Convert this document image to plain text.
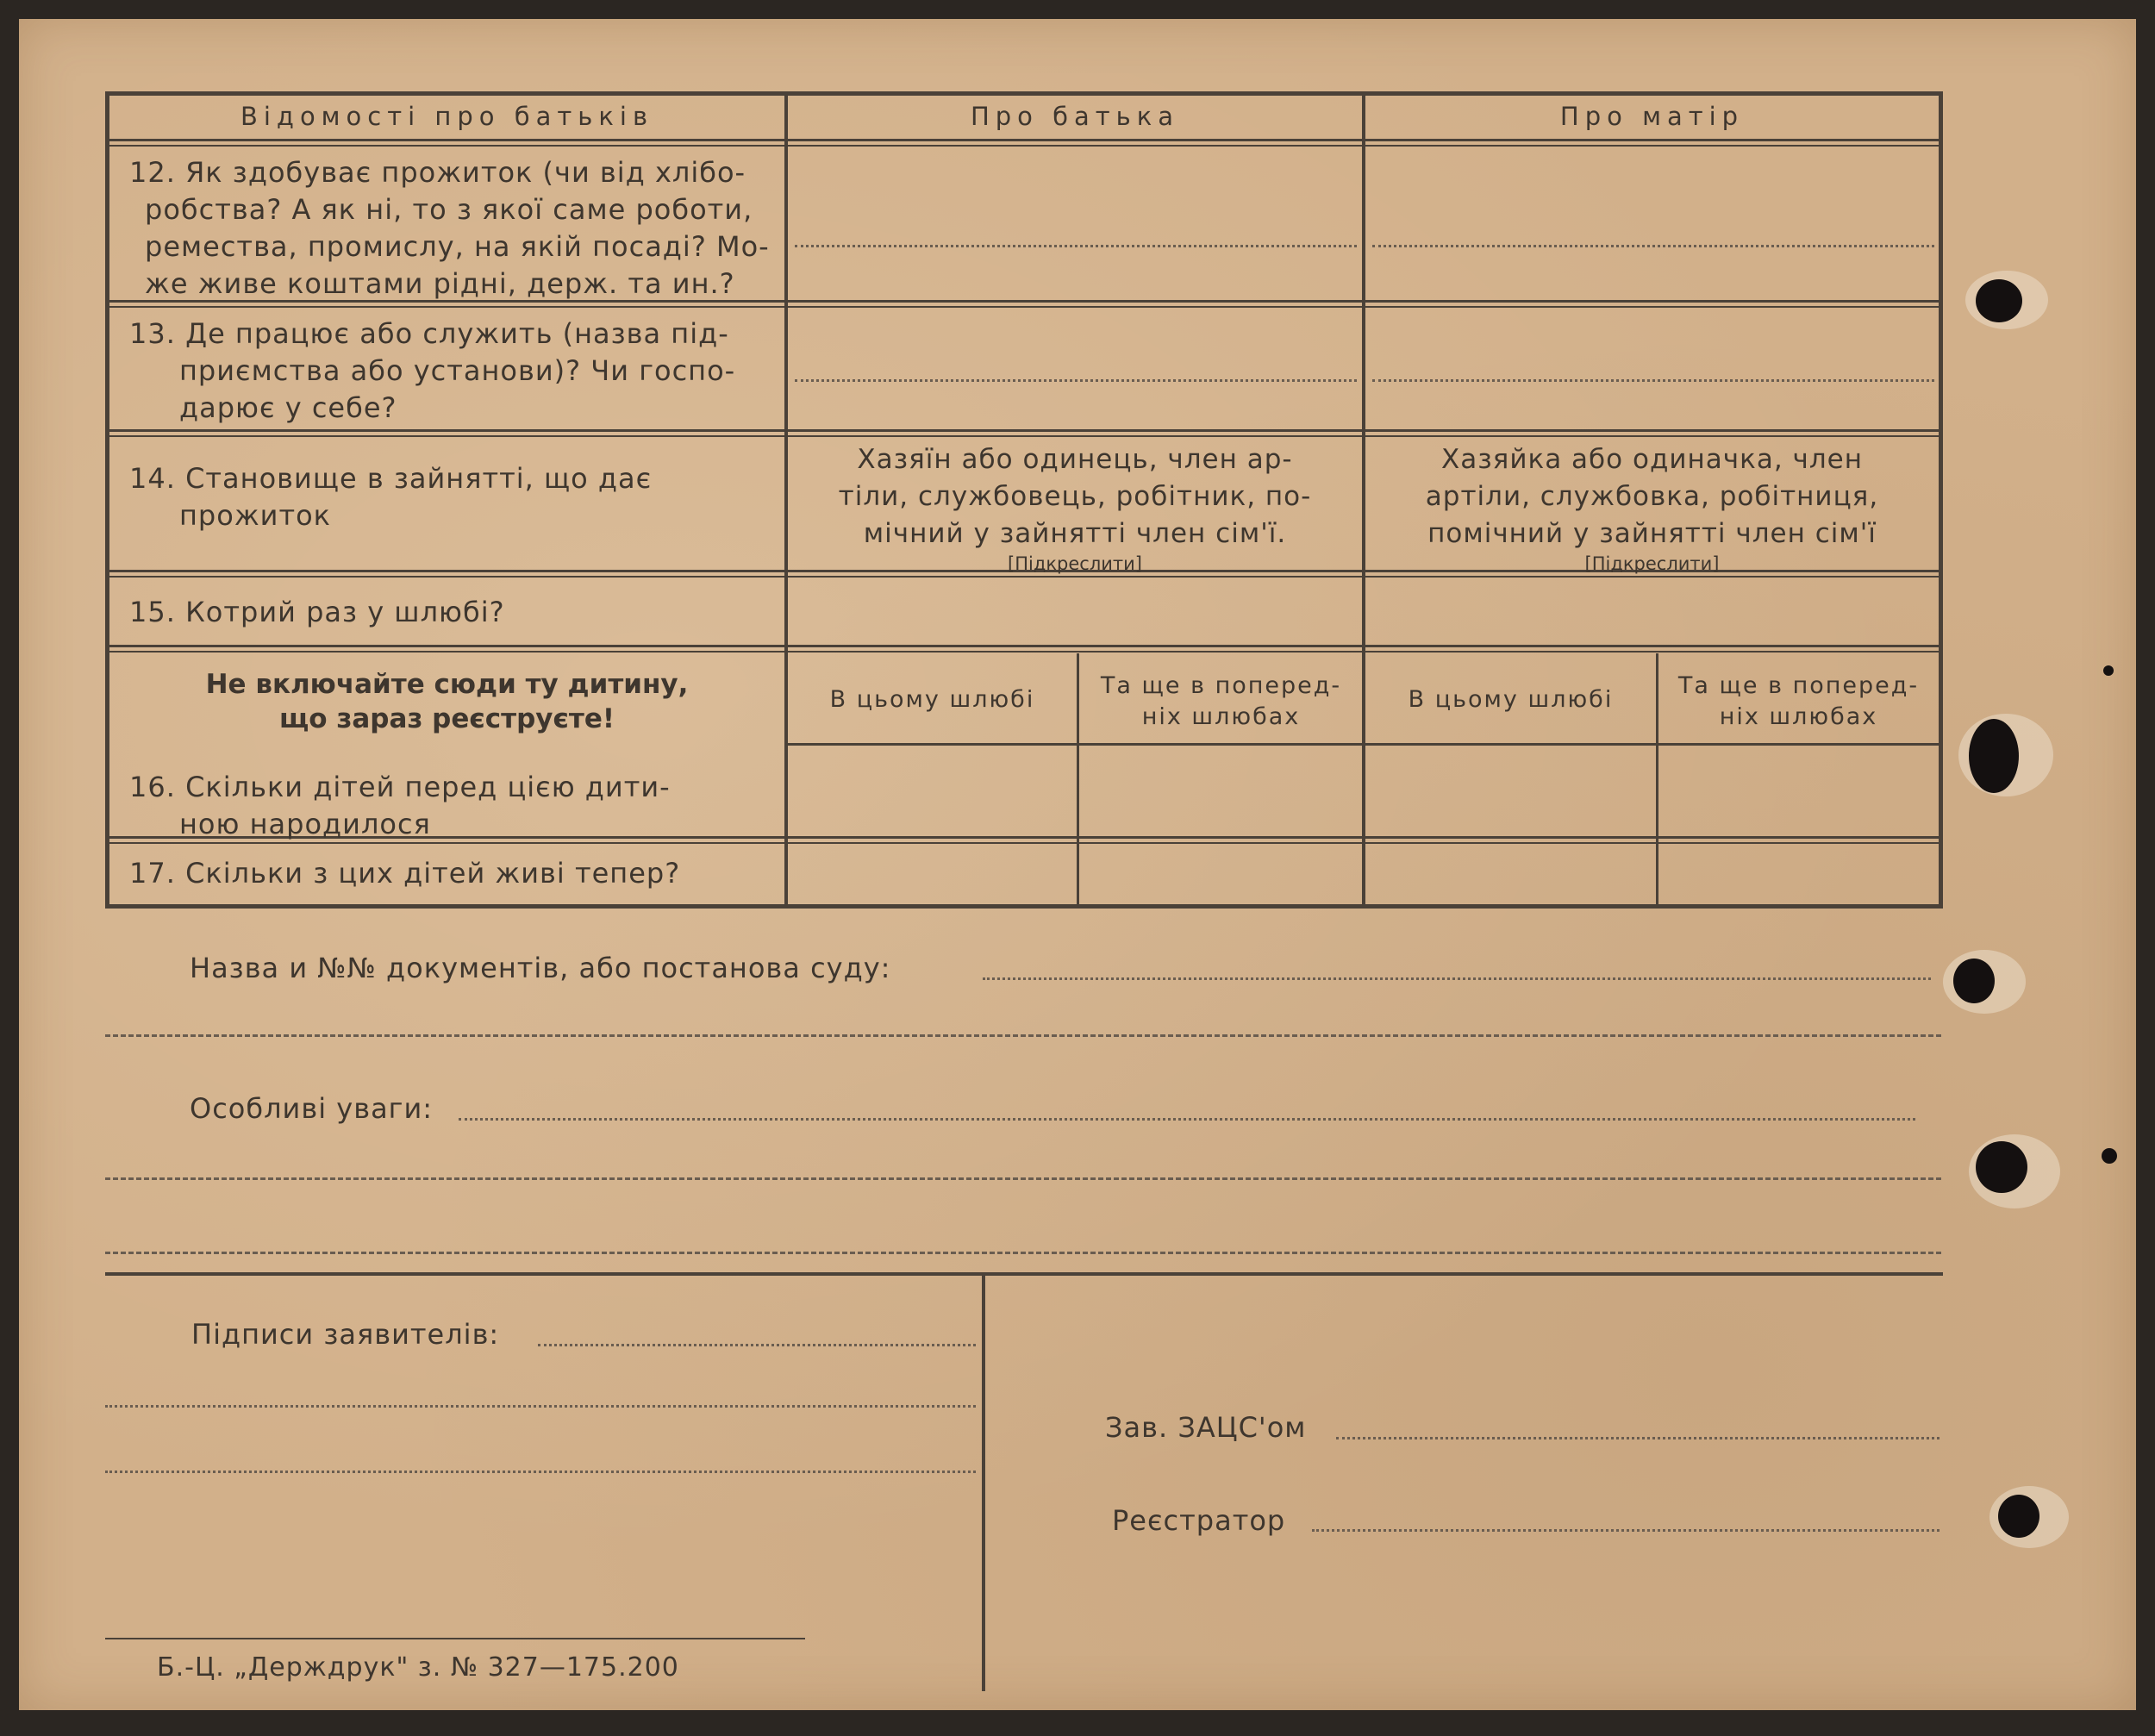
Відомості про батьків	Про батька	Про матір
12. Як здобуває прожиток (чи від хлібо-
робства? А як ні, то з якої саме роботи,
ремества, промислу, на якій посаді? Мо-
же живе коштами рідні, держ. та ин.?
13. Де працює або служить (назва під-
приємства або установи)? Чи госпо-
дарює у себе?
14. Становище в зайнятті, що дає
прожиток
Хазяїн або одинець, член ар-
тіли, службовець, робітник, по-
мічний у зайнятті член сім'ї.
[Підкреслити]
Хазяйка або одиначка, член
артіли, службовка, робітниця,
помічний у зайнятті член сім'ї
[Підкреслити]
15. Котрий раз у шлюбі?
Не включайте сюди ту дитину,
що зараз реєструєте!
16. Скільки дітей перед цією дити-
ною народилося
В цьому шлюбі
Та ще в поперед-
ніх шлюбах
В цьому шлюбі
Та ще в поперед-
ніх шлюбах
17. Скільки з цих дітей живі тепер?
Назва и №№ документів, або постанова суду:
Особливі уваги:
Підписи заявителів:
Зав. ЗАЦС'ом
Реєстратор
Б.-Ц. „Держдрук" з. № 327—175.200
